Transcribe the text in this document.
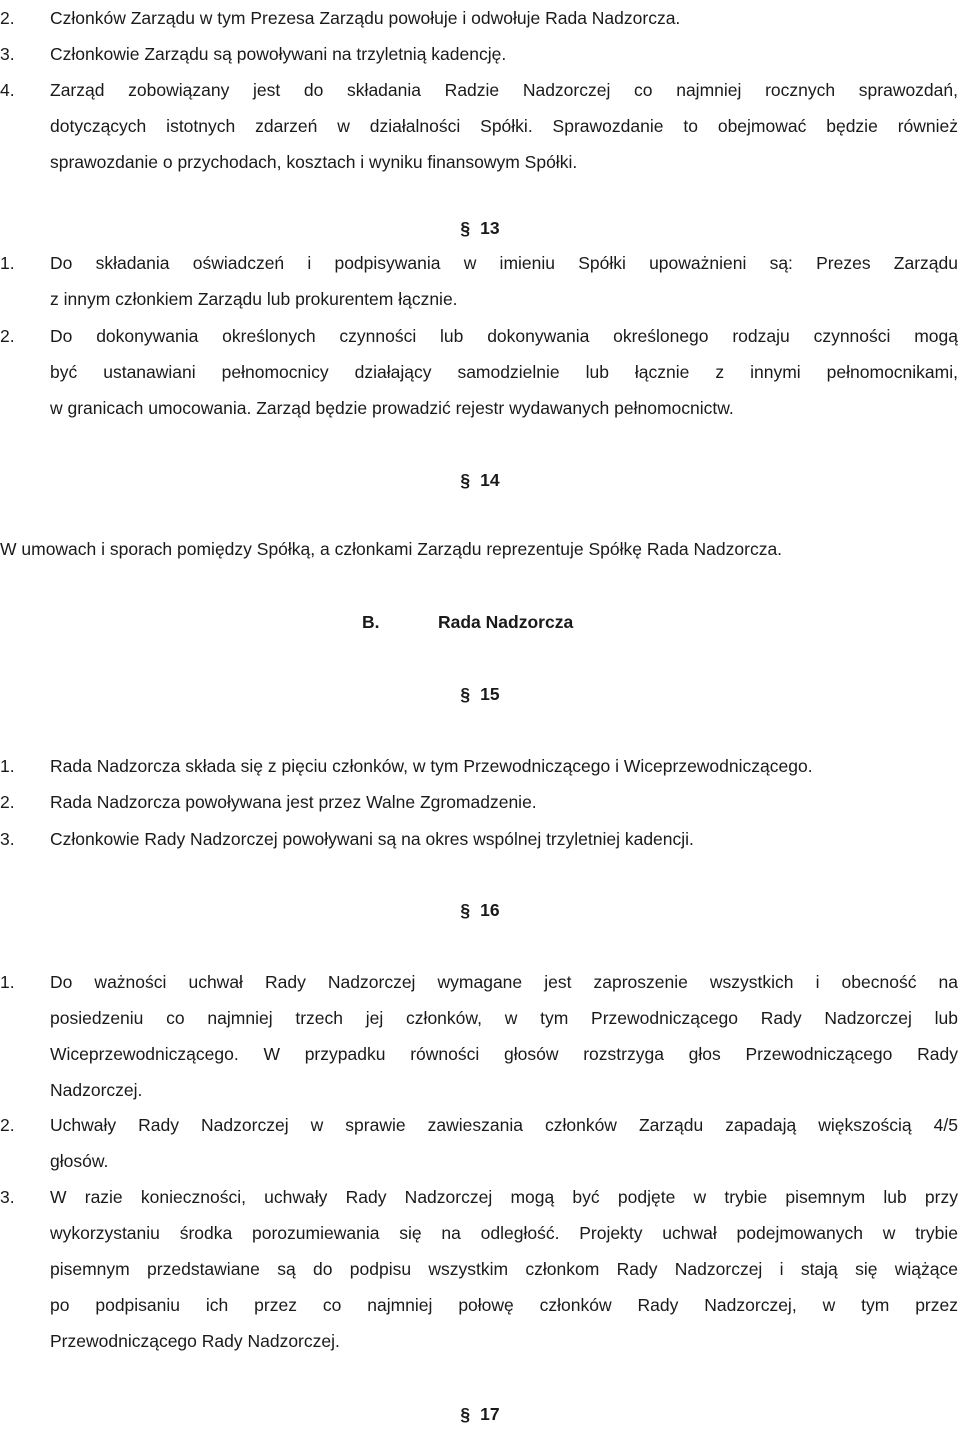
2.	Członków Zarządu w tym Prezesa Zarządu powołuje i odwołuje Rada Nadzorcza.
3.	Członkowie Zarządu są powoływani na trzyletnią kadencję.
4.	Zarząd zobowiązany jest do składania Radzie Nadzorczej co najmniej rocznych sprawozdań,
dotyczących istotnych zdarzeń w działalności Spółki. Sprawozdanie to obejmować będzie również
sprawozdanie o przychodach, kosztach i wyniku finansowym Spółki.
§ 13
1.	Do składania oświadczeń i podpisywania w imieniu Spółki upoważnieni są: Prezes Zarządu
z innym członkiem Zarządu lub prokurentem łącznie.
2.	Do dokonywania określonych czynności lub dokonywania określonego rodzaju czynności mogą
być ustanawiani pełnomocnicy działający samodzielnie lub łącznie z innymi pełnomocnikami,
w granicach umocowania. Zarząd będzie prowadzić rejestr wydawanych pełnomocnictw.
§ 14
W umowach i sporach pomiędzy Spółką, a członkami Zarządu reprezentuje Spółkę Rada Nadzorcza.
B.	Rada Nadzorcza
§ 15
1.	Rada Nadzorcza składa się z pięciu członków, w tym Przewodniczącego i Wiceprzewodniczącego.
2.	Rada Nadzorcza powoływana jest przez Walne Zgromadzenie.
3.	Członkowie Rady Nadzorczej powoływani są na okres wspólnej trzyletniej kadencji.
§ 16
1.	Do ważności uchwał Rady Nadzorczej wymagane jest zaproszenie wszystkich i obecność na
posiedzeniu co najmniej trzech jej członków, w tym Przewodniczącego Rady Nadzorczej lub
Wiceprzewodniczącego. W przypadku równości głosów rozstrzyga głos Przewodniczącego Rady
Nadzorczej.
2.	Uchwały Rady Nadzorczej w sprawie zawieszania członków Zarządu zapadają większością 4/5
głosów.
3.	W razie konieczności, uchwały Rady Nadzorczej mogą być podjęte w trybie pisemnym lub przy
wykorzystaniu środka porozumiewania się na odległość. Projekty uchwał podejmowanych w trybie
pisemnym przedstawiane są do podpisu wszystkim członkom Rady Nadzorczej i stają się wiążące
po podpisaniu ich przez co najmniej połowę członków Rady Nadzorczej, w tym przez
Przewodniczącego Rady Nadzorczej.
§ 17
